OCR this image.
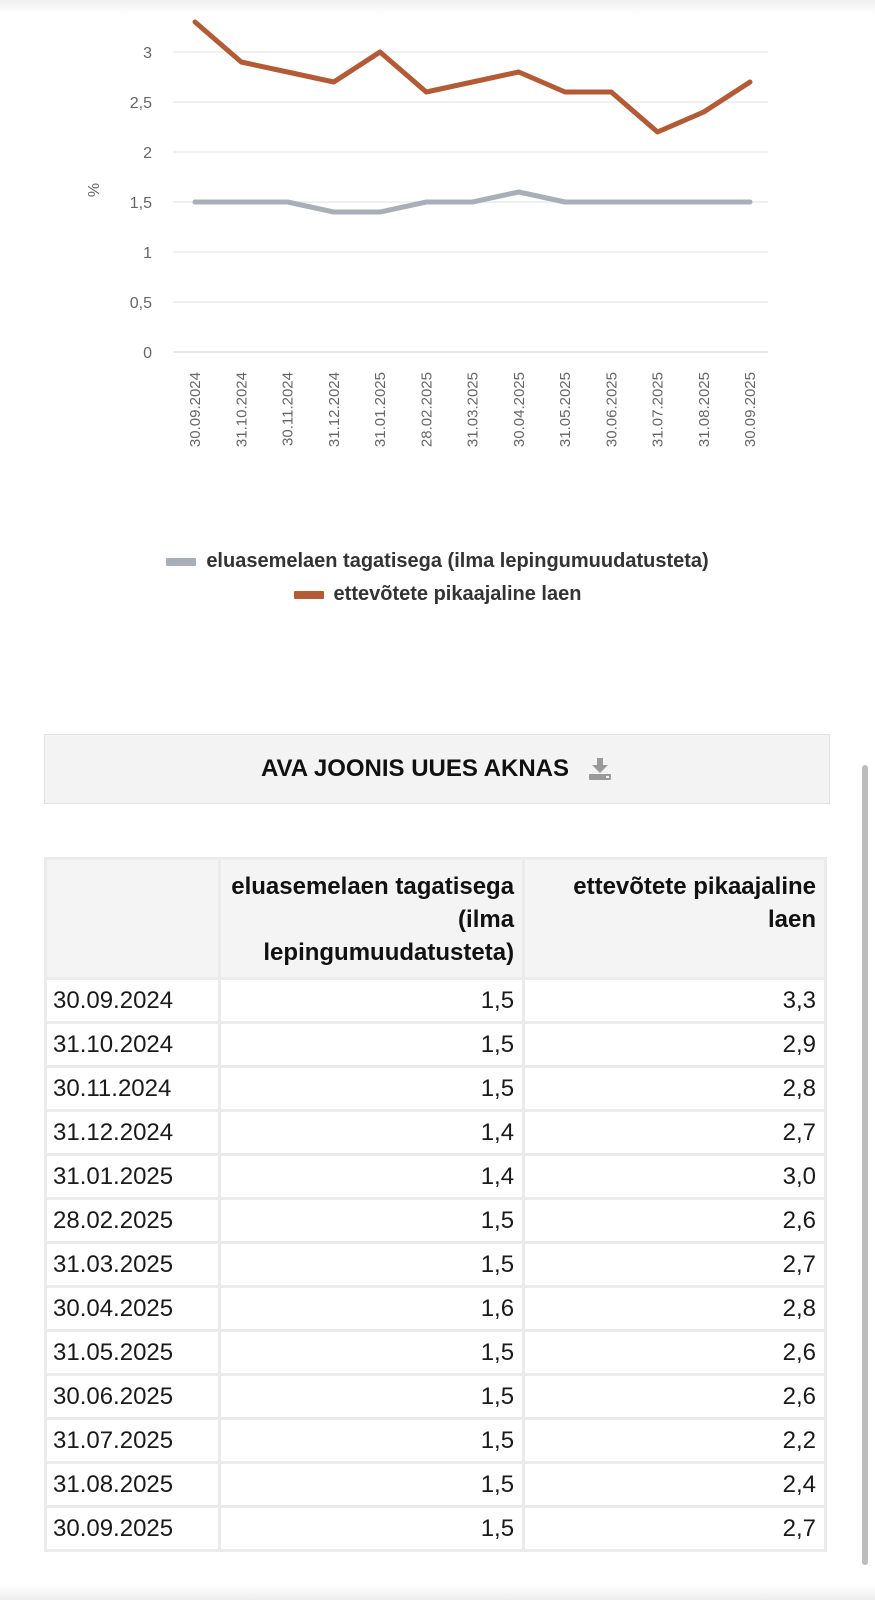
0
0,5
1
1,5
2
2,5
3
%
30.09.2024 31.10.2024 30.11.2024 31.12.2024 31.01.2025 28.02.2025 31.03.2025 30.04.2025 31.05.2025 30.06.2025 31.07.2025 31.08.2025 30.09.2025
eluasemelaen tagatisega (ilma lepingumuudatusteta)
ettevõtete pikaajaline laen
AVA JOONIS UUES AKNAS
	eluasemelaen tagatisega (ilma lepingumuudatusteta)	ettevõtete pikaajaline laen
30.09.2024	1,5	3,3
31.10.2024	1,5	2,9
30.11.2024	1,5	2,8
31.12.2024	1,4	2,7
31.01.2025	1,4	3,0
28.02.2025	1,5	2,6
31.03.2025	1,5	2,7
30.04.2025	1,6	2,8
31.05.2025	1,5	2,6
30.06.2025	1,5	2,6
31.07.2025	1,5	2,2
31.08.2025	1,5	2,4
30.09.2025	1,5	2,7
